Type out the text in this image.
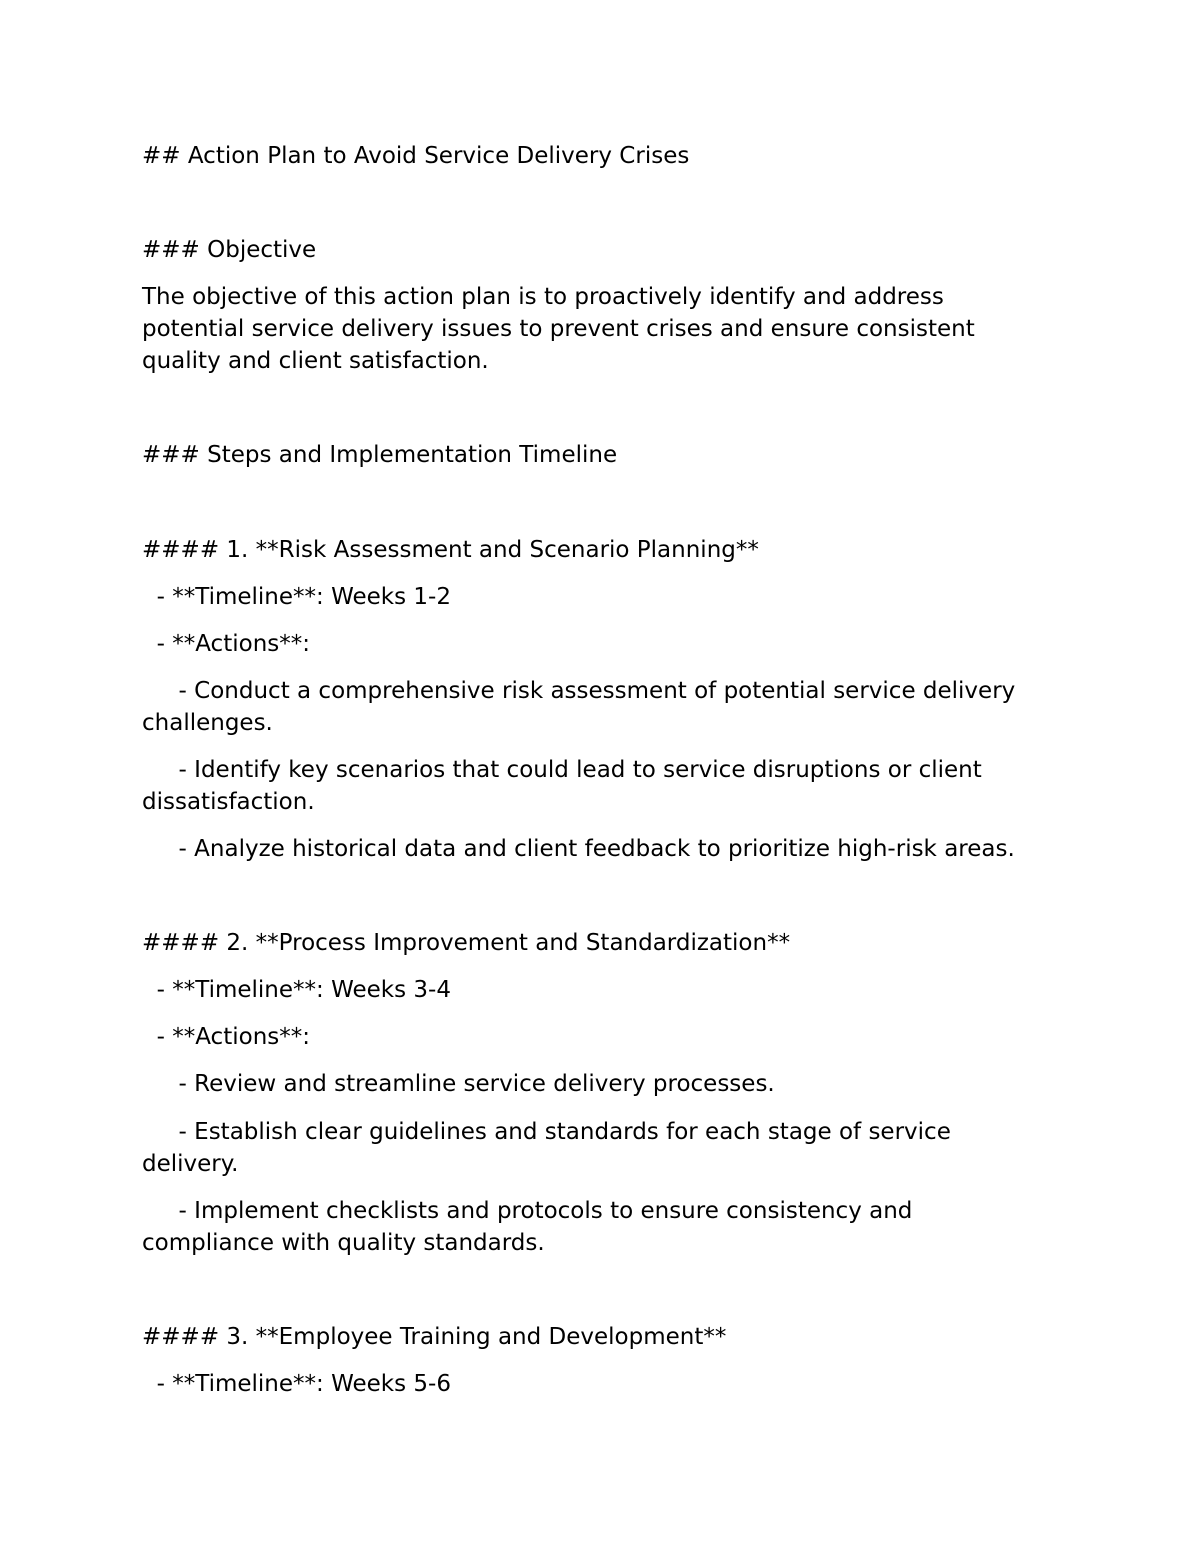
## Action Plan to Avoid Service Delivery Crises

### Objective

The objective of this action plan is to proactively identify and address

potential service delivery issues to prevent crises and ensure consistent

quality and client satisfaction.

### Steps and Implementation Timeline

#### 1. **Risk Assessment and Scenario Planning**

- **Timeline**: Weeks 1-2

- **Actions**:

- Conduct a comprehensive risk assessment of potential service delivery

challenges.

- Identify key scenarios that could lead to service disruptions or client

dissatisfaction.

- Analyze historical data and client feedback to prioritize high-risk areas.

#### 2. **Process Improvement and Standardization**

- **Timeline**: Weeks 3-4

- **Actions**:

- Review and streamline service delivery processes.

- Establish clear guidelines and standards for each stage of service

delivery.

- Implement checklists and protocols to ensure consistency and

compliance with quality standards.

#### 3. **Employee Training and Development**

- **Timeline**: Weeks 5-6
